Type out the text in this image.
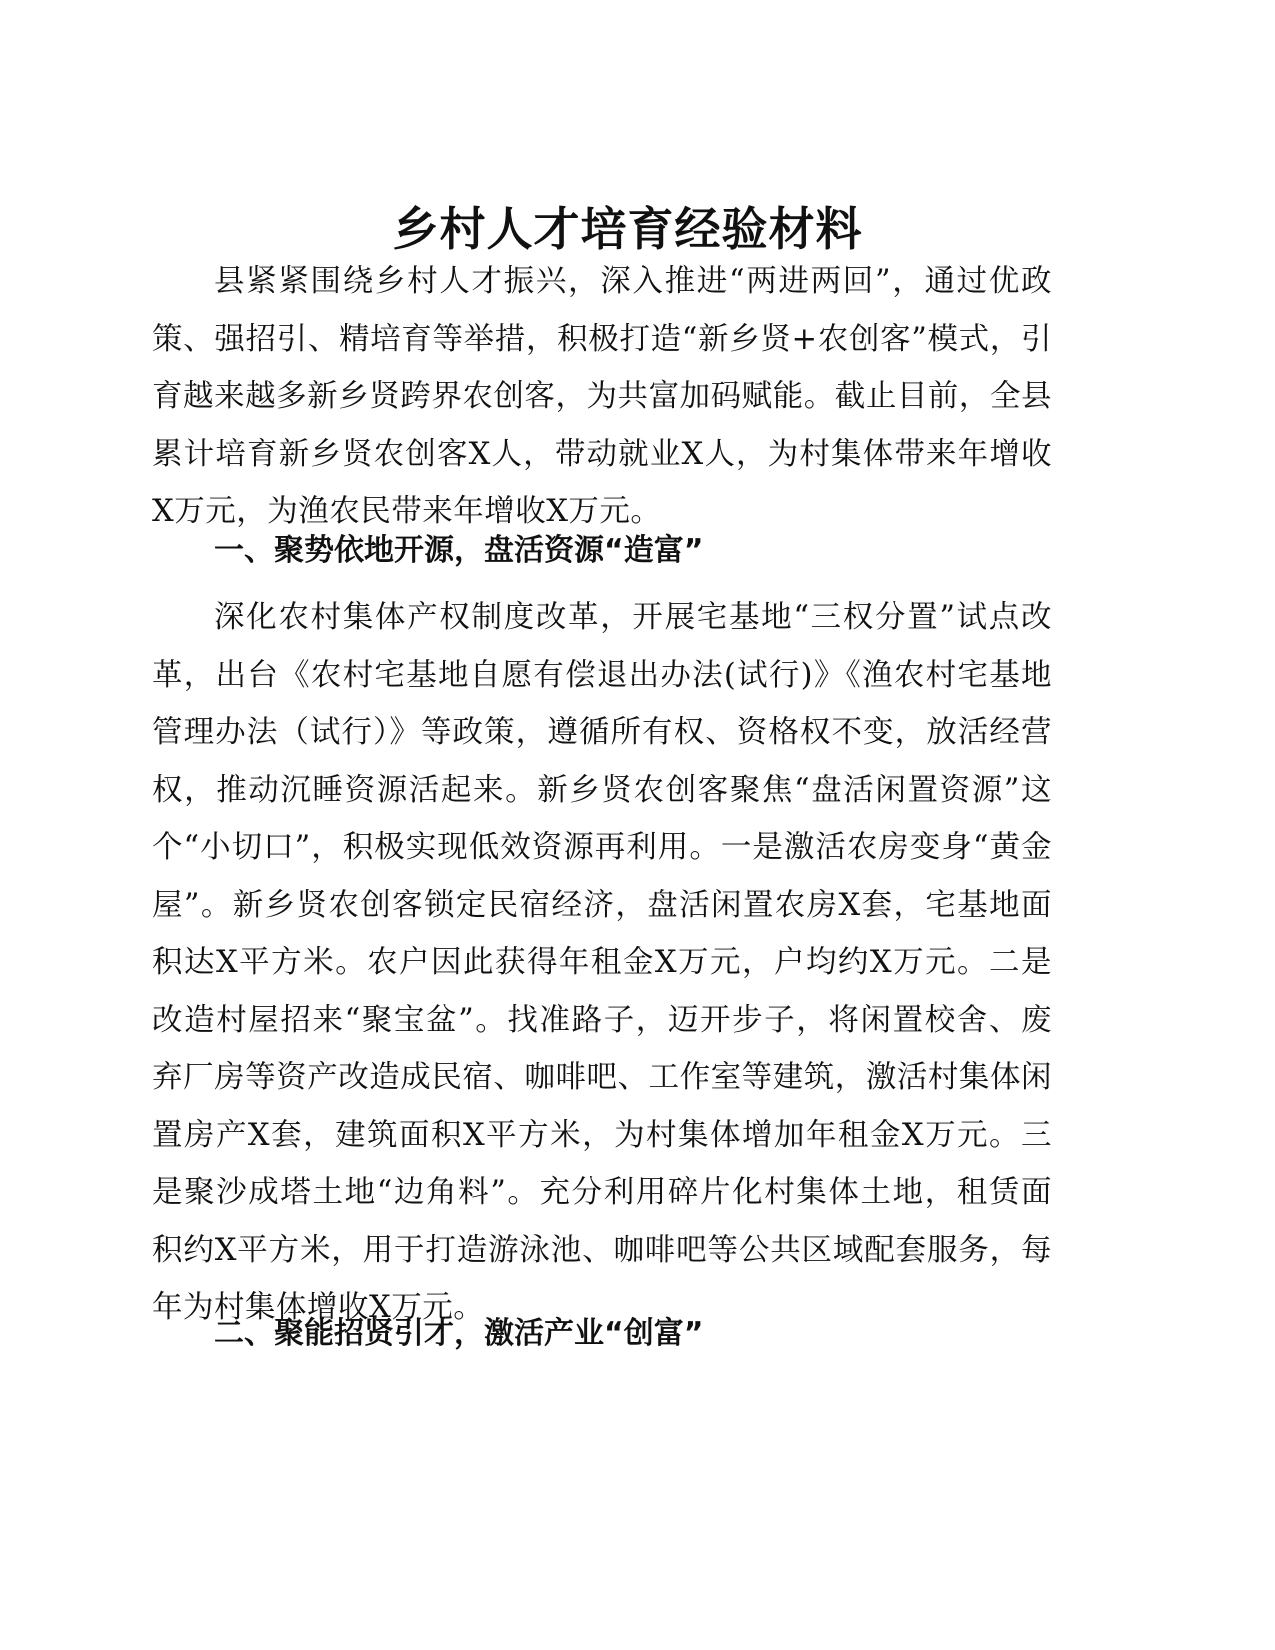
乡村人才培育经验材料

县紧紧围绕乡村人才振兴，深入推进“两进两回”，通过优政策、强招引、精培育等举措，积极打造“新乡贤+农创客”模式，引育越来越多新乡贤跨界农创客，为共富加码赋能。截止目前，全县累计培育新乡贤农创客X人，带动就业X人，为村集体带来年增收X万元，为渔农民带来年增收X万元。

一、聚势依地开源，盘活资源“造富”

深化农村集体产权制度改革，开展宅基地“三权分置”试点改革，出台《农村宅基地自愿有偿退出办法(试行)》《渔农村宅基地管理办法（试行）》等政策，遵循所有权、资格权不变，放活经营权，推动沉睡资源活起来。新乡贤农创客聚焦“盘活闲置资源”这个“小切口”，积极实现低效资源再利用。一是激活农房变身“黄金屋”。新乡贤农创客锁定民宿经济，盘活闲置农房X套，宅基地面积达X平方米。农户因此获得年租金X万元，户均约X万元。二是改造村屋招来“聚宝盆”。找准路子，迈开步子，将闲置校舍、废弃厂房等资产改造成民宿、咖啡吧、工作室等建筑，激活村集体闲置房产X套，建筑面积X平方米，为村集体增加年租金X万元。三是聚沙成塔土地“边角料”。充分利用碎片化村集体土地，租赁面积约X平方米，用于打造游泳池、咖啡吧等公共区域配套服务，每年为村集体增收X万元。

二、聚能招贤引才，激活产业“创富”
